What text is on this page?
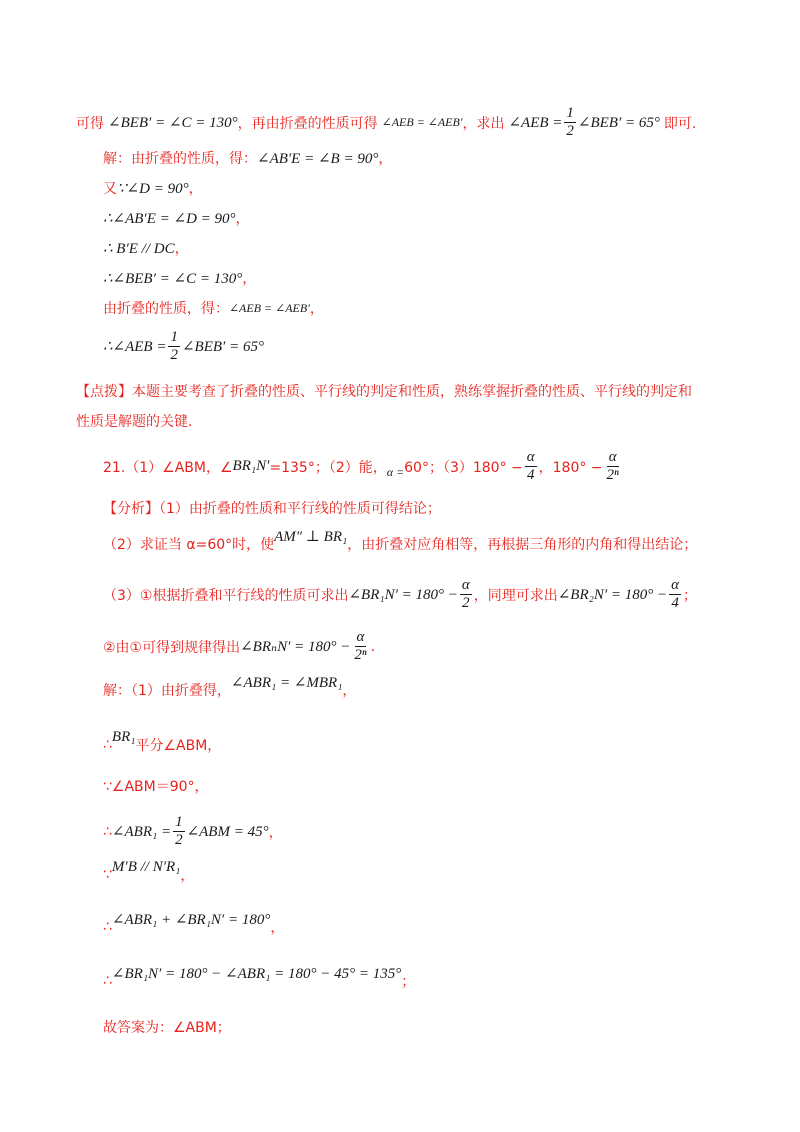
可得 ∠BEB′ = ∠C = 130° ，再由折叠的性质可得 ∠AEB = ∠AEB′ ，求出 ∠AEB = $\frac{1}{2}$ ∠BEB′ = 65° 即可.
解：由折叠的性质，得： ∠AB′E = ∠B = 90° ，
又 ∵∠D = 90° ，
∴∠AB′E = ∠D = 90° ，
∴ B′E // DC ，
∴∠BEB′ = ∠C = 130° ，
由折叠的性质，得： ∠AEB = ∠AEB′ ，
∴∠AEB = $\frac{1}{2}$ ∠BEB′ = 65°
【点拨】本题主要考查了折叠的性质、平行线的判定和性质，熟练掌握折叠的性质、平行线的判定和
性质是解题的关键.
21.（1）∠ABM，∠ BR₁N′ =135°；（2）能， α = 60°；$(3)180^\circ - \frac{\alpha}{4}$ ，$180^\circ - \frac{\alpha}{\text{2ⁿ}}$
【分析】（1）由折叠的性质和平行线的性质可得结论；
（2）求证当 α=60°时，使
AM″ ⊥ BR₁
，由折叠对应角相等，再根据三角形的内角和得出结论；
（3）①根据折叠和平行线的性质可求出 ∠BR₁N′ = $180^\circ - \frac{\alpha}{2}$ ，同理可求出 ∠BR₂N′ = $180^\circ - \frac{\alpha}{4}$ ；
②由①可得到规律得出 ∠BRₙN′ = $180^\circ - \frac{\alpha}{\text{2ⁿ}}$ .
解：（1）由折叠得，
∠ABR₁ = ∠MBR₁
，
∴
BR₁
平分∠ABM，
∵∠ABM＝90°，
∴ ∠ABR₁ = $\frac{1}{2}$ ∠ABM = 45° ，
∵
M′B // N′R₁
，
∴ ∠ABR₁ + ∠BR₁N′ = 180°
，
∴ ∠BR₁N′ = 180° − ∠ABR₁ = 180° − 45° = 135°
；
故答案为：∠ABM；
